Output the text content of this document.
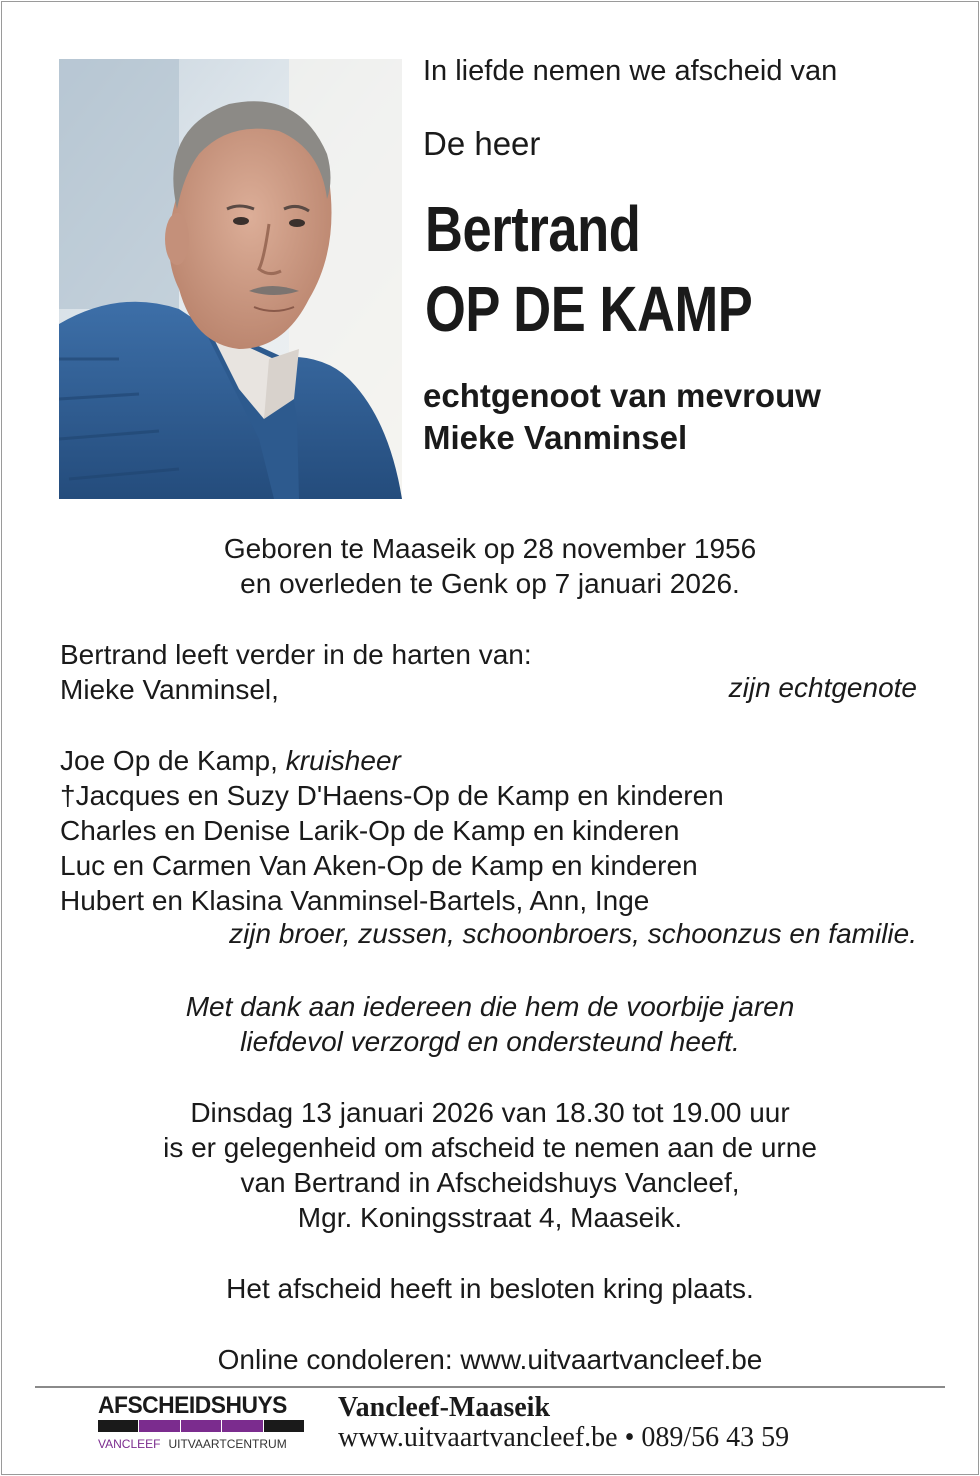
In liefde nemen we afscheid van
De heer
Bertrand
OP DE KAMP
echtgenoot van mevrouw
Mieke Vanminsel
Geboren te Maaseik op 28 november 1956
en overleden te Genk op 7 januari 2026.
Bertrand leeft verder in de harten van:
Mieke Vanminsel,	zijn echtgenote
Joe Op de Kamp, kruisheer
†Jacques en Suzy D'Haens-Op de Kamp en kinderen
Charles en Denise Larik-Op de Kamp en kinderen
Luc en Carmen Van Aken-Op de Kamp en kinderen
Hubert en Klasina Vanminsel-Bartels, Ann, Inge
zijn broer, zussen, schoonbroers, schoonzus en familie.
Met dank aan iedereen die hem de voorbije jaren
liefdevol verzorgd en ondersteund heeft.
Dinsdag 13 januari 2026 van 18.30 tot 19.00 uur
is er gelegenheid om afscheid te nemen aan de urne
van Bertrand in Afscheidshuys Vancleef,
Mgr. Koningsstraat 4, Maaseik.
Het afscheid heeft in besloten kring plaats.
Online condoleren: www.uitvaartvancleef.be
AFSCHEIDSHUYS
VANCLEEF UITVAARTCENTRUM
Vancleef-Maaseik
www.uitvaartvancleef.be • 089/56 43 59
